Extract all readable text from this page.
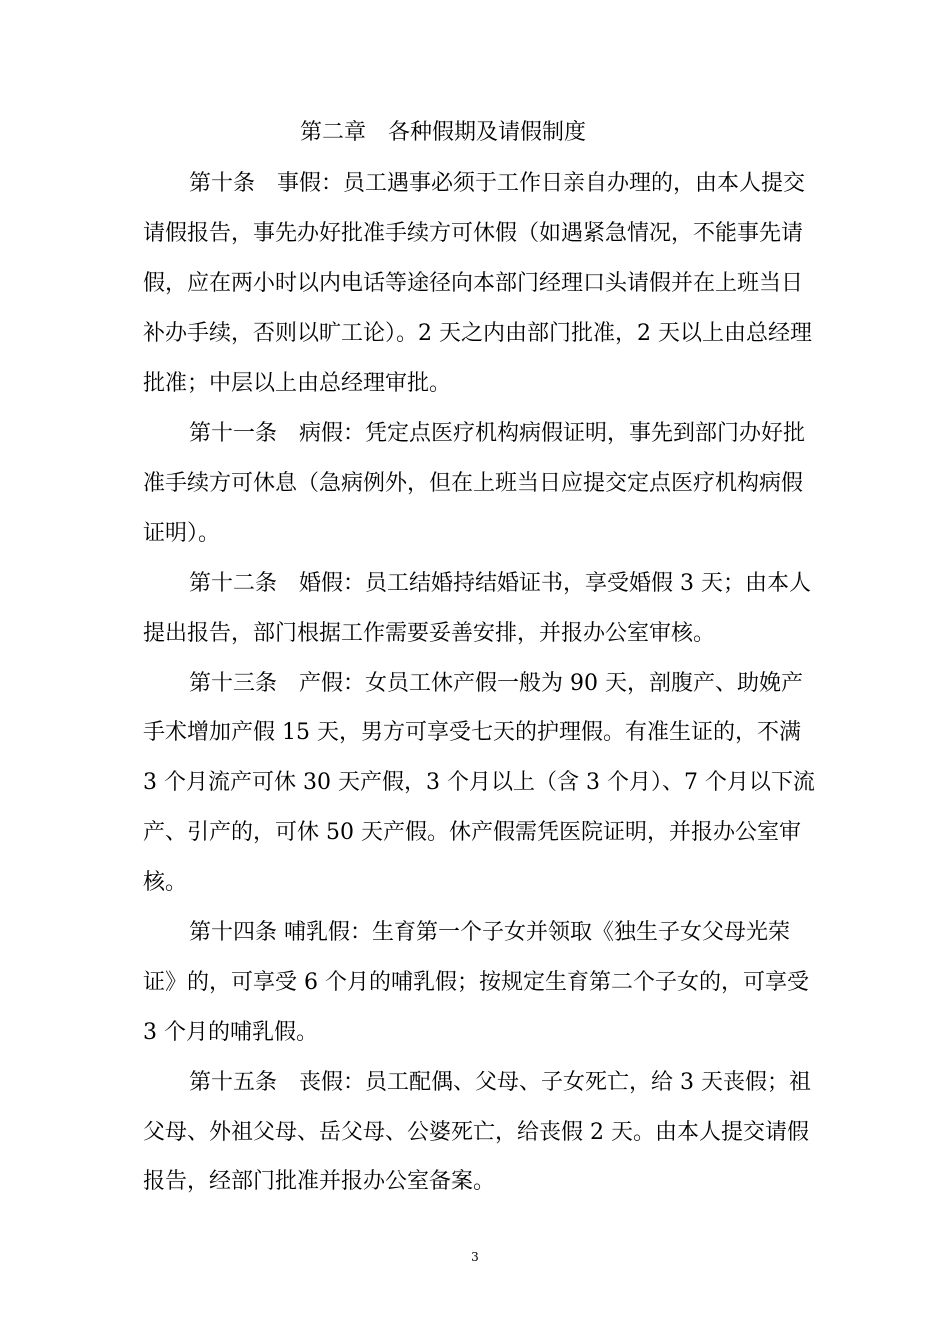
第二章　各种假期及请假制度
第十条　事假：员工遇事必须于工作日亲自办理的，由本人提交
请假报告，事先办好批准手续方可休假（如遇紧急情况，不能事先请
假，应在两小时以内电话等途径向本部门经理口头请假并在上班当日
补办手续，否则以旷工论）。2 天之内由部门批准，2 天以上由总经理
批准；中层以上由总经理审批。
第十一条　病假：凭定点医疗机构病假证明，事先到部门办好批
准手续方可休息（急病例外，但在上班当日应提交定点医疗机构病假
证明）。
第十二条　婚假：员工结婚持结婚证书，享受婚假 3 天；由本人
提出报告，部门根据工作需要妥善安排，并报办公室审核。
第十三条　产假：女员工休产假一般为 90 天，剖腹产、助娩产
手术增加产假 15 天，男方可享受七天的护理假。有准生证的，不满
3 个月流产可休 30 天产假，3 个月以上（含 3 个月）、7 个月以下流
产、引产的，可休 50 天产假。休产假需凭医院证明，并报办公室审
核。
第十四条 哺乳假：生育第一个子女并领取《独生子女父母光荣
证》的，可享受 6 个月的哺乳假；按规定生育第二个子女的，可享受
3 个月的哺乳假。
第十五条　丧假：员工配偶、父母、子女死亡，给 3 天丧假；祖
父母、外祖父母、岳父母、公婆死亡，给丧假 2 天。由本人提交请假
报告，经部门批准并报办公室备案。
3
